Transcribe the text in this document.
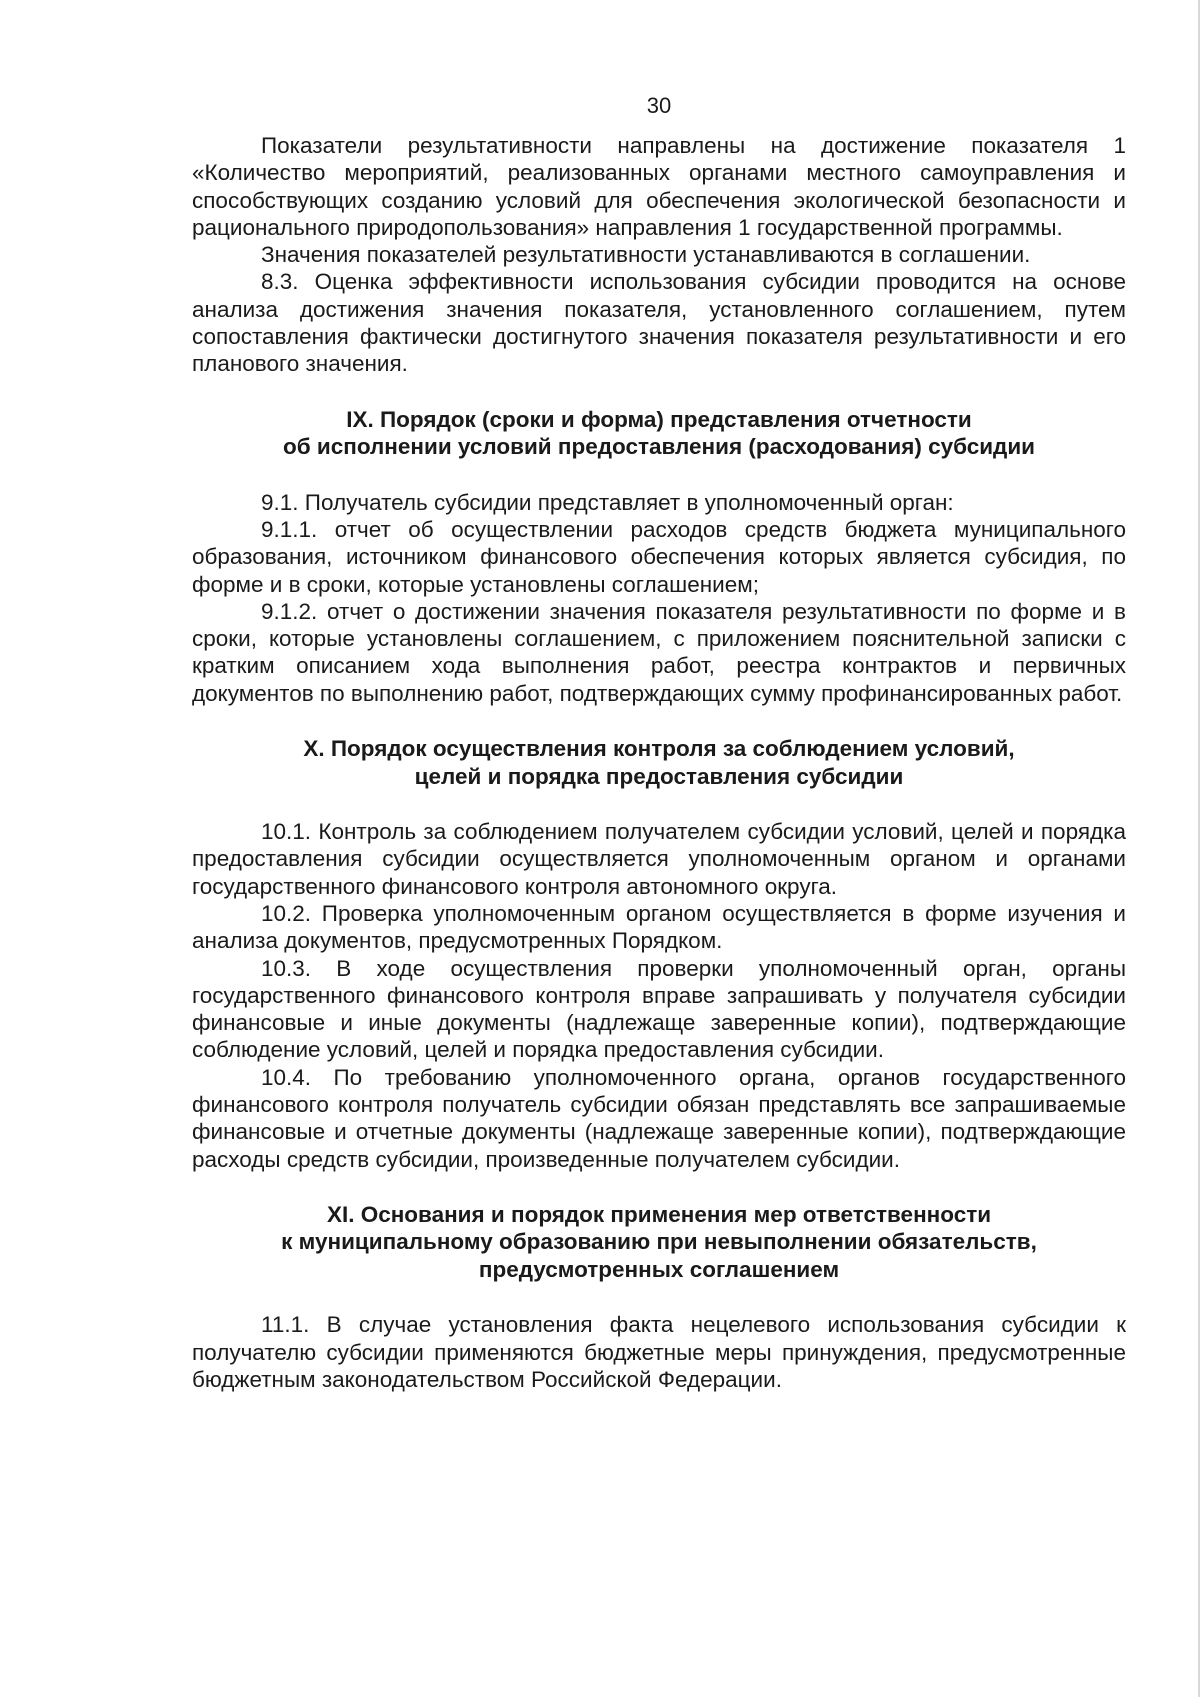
30

Показатели результативности направлены на достижение показателя 1 «Количество мероприятий, реализованных органами местного самоуправления и способствующих созданию условий для обеспечения экологической безопасности и рационального природопользования» направления 1 государственной программы.

Значения показателей результативности устанавливаются в соглашении.

8.3. Оценка эффективности использования субсидии проводится на основе анализа достижения значения показателя, установленного соглашением, путем сопоставления фактически достигнутого значения показателя результативности и его планового значения.

IX. Порядок (сроки и форма) представления отчетности
об исполнении условий предоставления (расходования) субсидии

9.1. Получатель субсидии представляет в уполномоченный орган:

9.1.1. отчет об осуществлении расходов средств бюджета муниципального образования, источником финансового обеспечения которых является субсидия, по форме и в сроки, которые установлены соглашением;

9.1.2. отчет о достижении значения показателя результативности по форме и в сроки, которые установлены соглашением, с приложением пояснительной записки с кратким описанием хода выполнения работ, реестра контрактов и первичных документов по выполнению работ, подтверждающих сумму профинансированных работ.

X. Порядок осуществления контроля за соблюдением условий,
целей и порядка предоставления субсидии

10.1. Контроль за соблюдением получателем субсидии условий, целей и порядка предоставления субсидии осуществляется уполномоченным органом и органами государственного финансового контроля автономного округа.

10.2. Проверка уполномоченным органом осуществляется в форме изучения и анализа документов, предусмотренных Порядком.

10.3. В ходе осуществления проверки уполномоченный орган, органы государственного финансового контроля вправе запрашивать у получателя субсидии финансовые и иные документы (надлежаще заверенные копии), подтверждающие соблюдение условий, целей и порядка предоставления субсидии.

10.4. По требованию уполномоченного органа, органов государственного финансового контроля получатель субсидии обязан представлять все запрашиваемые финансовые и отчетные документы (надлежаще заверенные копии), подтверждающие расходы средств субсидии, произведенные получателем субсидии.

XI. Основания и порядок применения мер ответственности
к муниципальному образованию при невыполнении обязательств,
предусмотренных соглашением

11.1. В случае установления факта нецелевого использования субсидии к получателю субсидии применяются бюджетные меры принуждения, предусмотренные бюджетным законодательством Российской Федерации.
